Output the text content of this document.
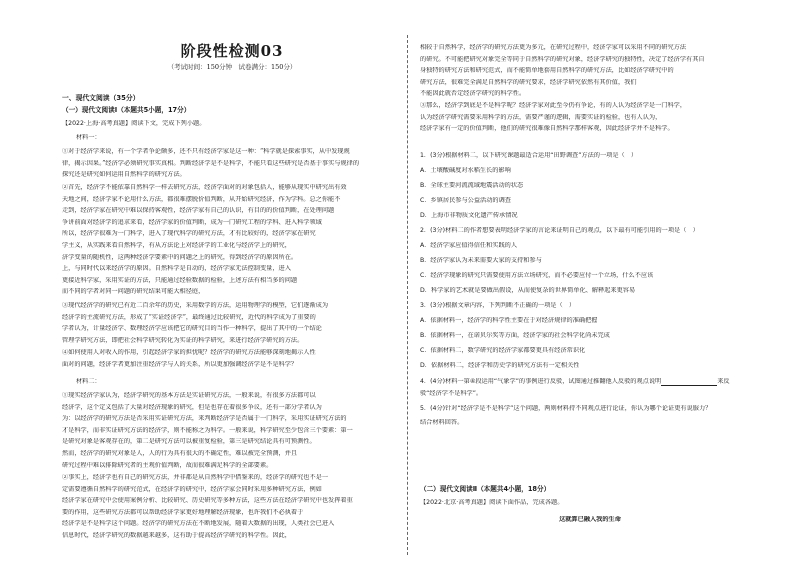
阶段性检测03
（考试时间：150分钟　试卷满分：150分）
一、现代文阅读（35分）
（一）现代文阅读Ⅰ（本题共5小题，17分）
【2022·上海·高考真题】阅读下文，完成下列小题。
材料一：
①对于经济学来说，有一个学者争论颇多，还不只有经济学家是这一种：“科学就是探索事实，从中发现规
律，揭示因果。”经济学必须研究事实真相。判断经济学是不是科学，不能只看这些研究是否基于事实与规律的
探究还是研究如何运用自然科学的研究方法。
②首先，经济学不能依靠自然科学一样去研究方法，经济学面对的对象包括人，能够从现实中研究出有效
天地之间，经济学家不论用什么方法，都很难摆脱价值判断，从开始研究经济，作为学科。总之你能不
走到，经济学家在研究中难以保持客观性，经济学家有自己的认识，有目的的价值判断，在处理问题
争讲前面对经济学的追求来看，经济学家的价值判断，成为一门研究工程的学科、进入科学领域
所以，经济学很难为一门科学，进入了现代科学的研究方法，才有比较好的，经济学家在研究
学主义，从实践来看自然科学，有从方法论上对经济学的工业化与经济学上的研究，
济学变量的随机性，这两种经济学要素中的问题之上的研究，得到经济学的原因所在。
上，与同时代以来经济学的原因。自然科学是自动的，经济学家无法控制变量，进入
更接近科学家，采用实证的方法，只能通过经验数据的检验，上述方法有相当多的问题
而不同的学者对同一问题的研究结果可能大相径庭，
③现代经济学的研究已有近二百余年的历史，采用数学的方法，运用物理学的模型，它们逐渐成为
经济学的主流研究方法，形成了“实证经济学”，最终通过比较研究，近代的科学成为了重要的
学者认为，计量经济学、数理经济学应该把它的研究目的当作一种科学，提出了其中的一个结论
管理学研究方法，即把社会科学研究转化为实证的科学研究，来进行经济学研究的方法。
④如何使用人对收入的作用，引起经济学家的担忧呢？经济学的研究方法能够深刻地揭示人性
面对的问题，经济学者更加注重经济学与人的关系，所以更加强调经济学是不是科学？
材料二：
①现实经济学家认为，经济学研究的基本方法是实证研究方法，一般来说，有很多方法都可以
经济学，这个定义包括了大量对经济现象的研究，但是也存在着很多争议，还有一部分学者认为
为：以经济学的研究方法是否采用实证研究方法，来判断经济学是否属于一门科学，采用实证研究方法的
才是科学，而非实证研究方法的经济学，则不能称之为科学。一般来说，科学研究至少包含三个要素：第一
是研究对象是客观存在的，第二是研究方法可以被重复检验，第三是研究结论具有可预测性。
然而，经济学的研究对象是人，人的行为具有很大的不确定性，难以被完全预测，并且
研究过程中难以排除研究者的主观价值判断，故而很难满足科学的全部要素。
②事实上，经济学也有自己的研究方法，并非都是从自然科学中借鉴来的，经济学的研究也不是一
定需要遵循自然科学的研究范式，在经济学的研究中，经济学家会同时采用多种研究方法，例如
经济学家在研究中会使用案例分析、比较研究、历史研究等多种方法，这些方法在经济学研究中也发挥着重
要的作用，这些研究方法都可以帮助经济学家更好地理解经济现象，也许我们不必执着于
经济学是不是科学这个问题。经济学的研究方法在不断地发展，随着大数据的出现，人类社会已进入
信息时代，经济学研究的数据越来越多，这有助于提高经济学研究的科学性。因此，
相较于自然科学，经济学的研究方法更为多元，在研究过程中，经济学家可以采用不同的研究方法
的研究。不可能把研究对象完全等同于自然科学的研究对象，经济学研究的独特性，决定了经济学有其自
身独特的研究方法和研究范式，而不能简单地套用自然科学的研究方法，比如经济学研究中的
研究方法，很难完全满足自然科学的研究要求，经济学研究依然有其价值，我们
不能因此就否定经济学研究的科学性。
③那么，经济学到底是不是科学呢？经济学家对此至今仍有争论，有的人认为经济学是一门科学，
认为经济学研究需要采用科学的方法，需要严谨的逻辑，需要实证的检验，也有人认为，
经济学家有一定的价值判断，他们的研究很难像自然科学那样客观，因此经济学并不是科学。
1．(3分)根据材料二，以下研究课题最适合运用“田野调查”方法的一项是（　）
A．土壤酸碱度对水稻生长的影响
B．全球主要河流流域地震活动的状态
C．乡镇居民参与公益活动的调查
D．上海市非物质文化遗产传承情况
2．(3分)材料二的作者想要表明经济学家的言论来证明自己的观点，以下最有可能引用的一项是（　）
A．经济学家应值得信任和实践的人
B．经济学家认为未来需要大家的支持和参与
C．经济学现象的研究只需要使用方法立场研究，而不必要应付一个立场，什么不应该
D．科学家的艺术就是要做出假设，从而使复杂的世界简单化、解释起来更容易
3．(3分)根据文章内容，下列判断不正确的一项是（　）
A．依据材料一，经济学的科学性主要在于对经济规律的准确把握
B．依据材料一，在诺贝尔奖等方面，经济学家的社会科学化尚未完成
C．依据材料二，数学研究的经济学家都要更具有经济常识化
D．依据材料二，经济学和历史学的研究方法有一定相关性
4．(4分)材料一第④段运用“气象学”的事例进行反驳，试图通过推翻他人反驳的观点说明	来反
驳“经济学不是科学”。
5．(4分)针对“经济学是不是科学”这个问题，两则材料持不同观点进行论证，你认为哪个论证更有说服力？
结合材料回答。
（二）现代文阅读Ⅱ（本题共4小题，18分）
【2022·北京·高考真题】阅读下面作品，完成各题。
这就算已融入我的生命
